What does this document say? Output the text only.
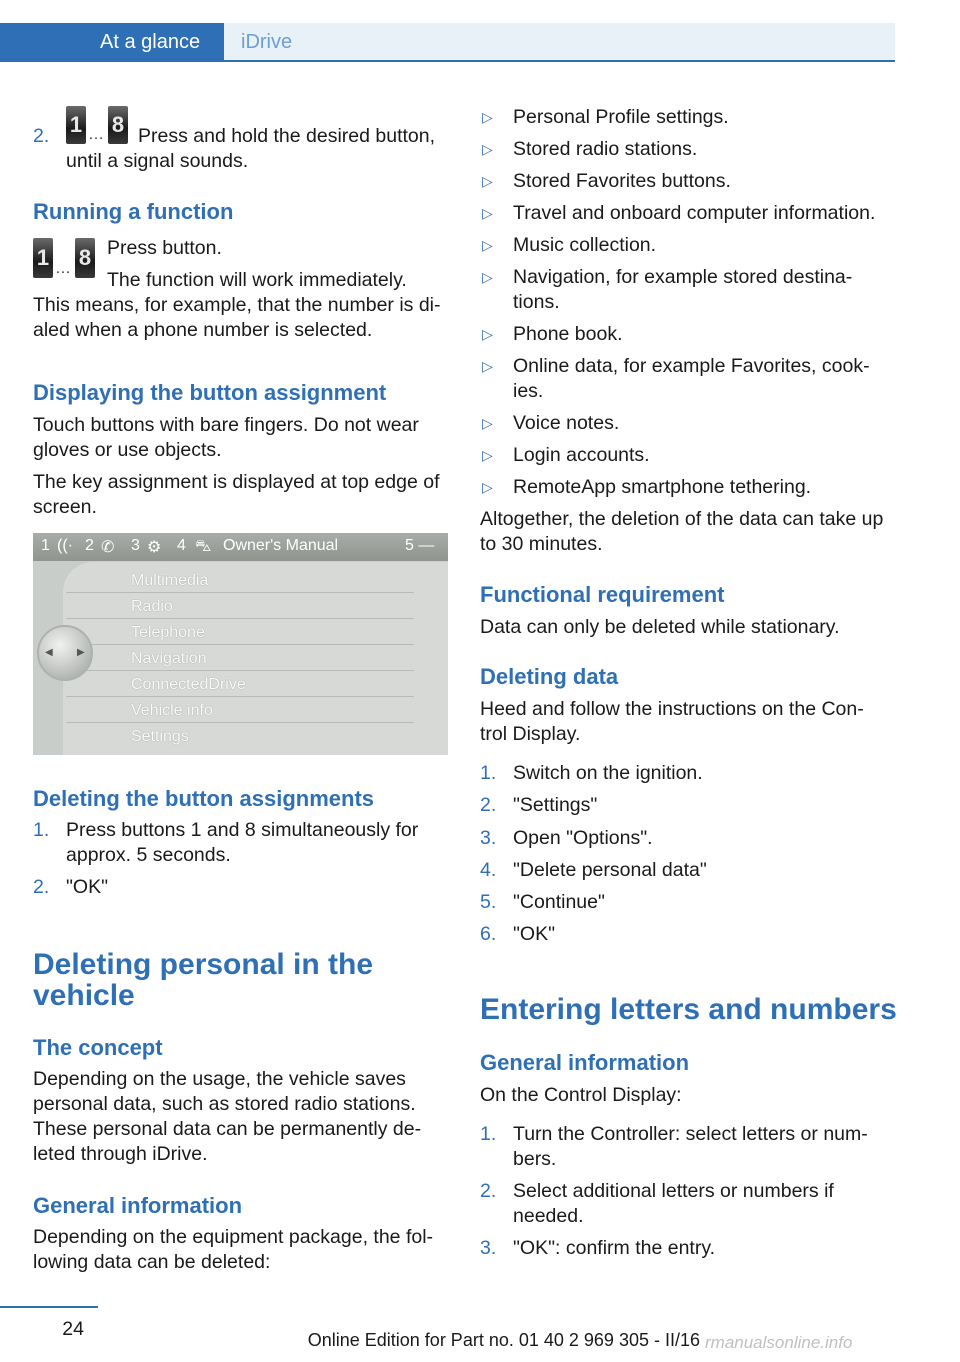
At a glance	iDrive
2. 1 … 8 Press and hold the desired button,
until a signal sounds.
Running a function
1 … 8 Press button.
The function will work immediately.
This means, for example, that the number is di-
aled when a phone number is selected.
Displaying the button assignment
Touch buttons with bare fingers. Do not wear
gloves or use objects.
The key assignment is displayed at top edge of
screen.
1 ((· 2 ✆ 3 ⚙ 4 ⛍ Owner's Manual	5 —
Multimedia
Radio
Telephone
Navigation
ConnectedDrive
Vehicle info
Settings
◀ ▶
Deleting the button assignments
1. Press buttons 1 and 8 simultaneously for
approx. 5 seconds.
2. "OK"
Deleting personal in the
vehicle
The concept
Depending on the usage, the vehicle saves
personal data, such as stored radio stations.
These personal data can be permanently de-
leted through iDrive.
General information
Depending on the equipment package, the fol-
lowing data can be deleted:
▷ Personal Profile settings.
▷ Stored radio stations.
▷ Stored Favorites buttons.
▷ Travel and onboard computer information.
▷ Music collection.
▷ Navigation, for example stored destina-
tions.
▷ Phone book.
▷ Online data, for example Favorites, cook-
ies.
▷ Voice notes.
▷ Login accounts.
▷ RemoteApp smartphone tethering.
Altogether, the deletion of the data can take up
to 30 minutes.
Functional requirement
Data can only be deleted while stationary.
Deleting data
Heed and follow the instructions on the Con-
trol Display.
1. Switch on the ignition.
2. "Settings"
3. Open "Options".
4. "Delete personal data"
5. "Continue"
6. "OK"
Entering letters and numbers
General information
On the Control Display:
1. Turn the Controller: select letters or num-
bers.
2. Select additional letters or numbers if
needed.
3. "OK": confirm the entry.
24	Online Edition for Part no. 01 40 2 969 305 - II/16 rmanualsonline.info
